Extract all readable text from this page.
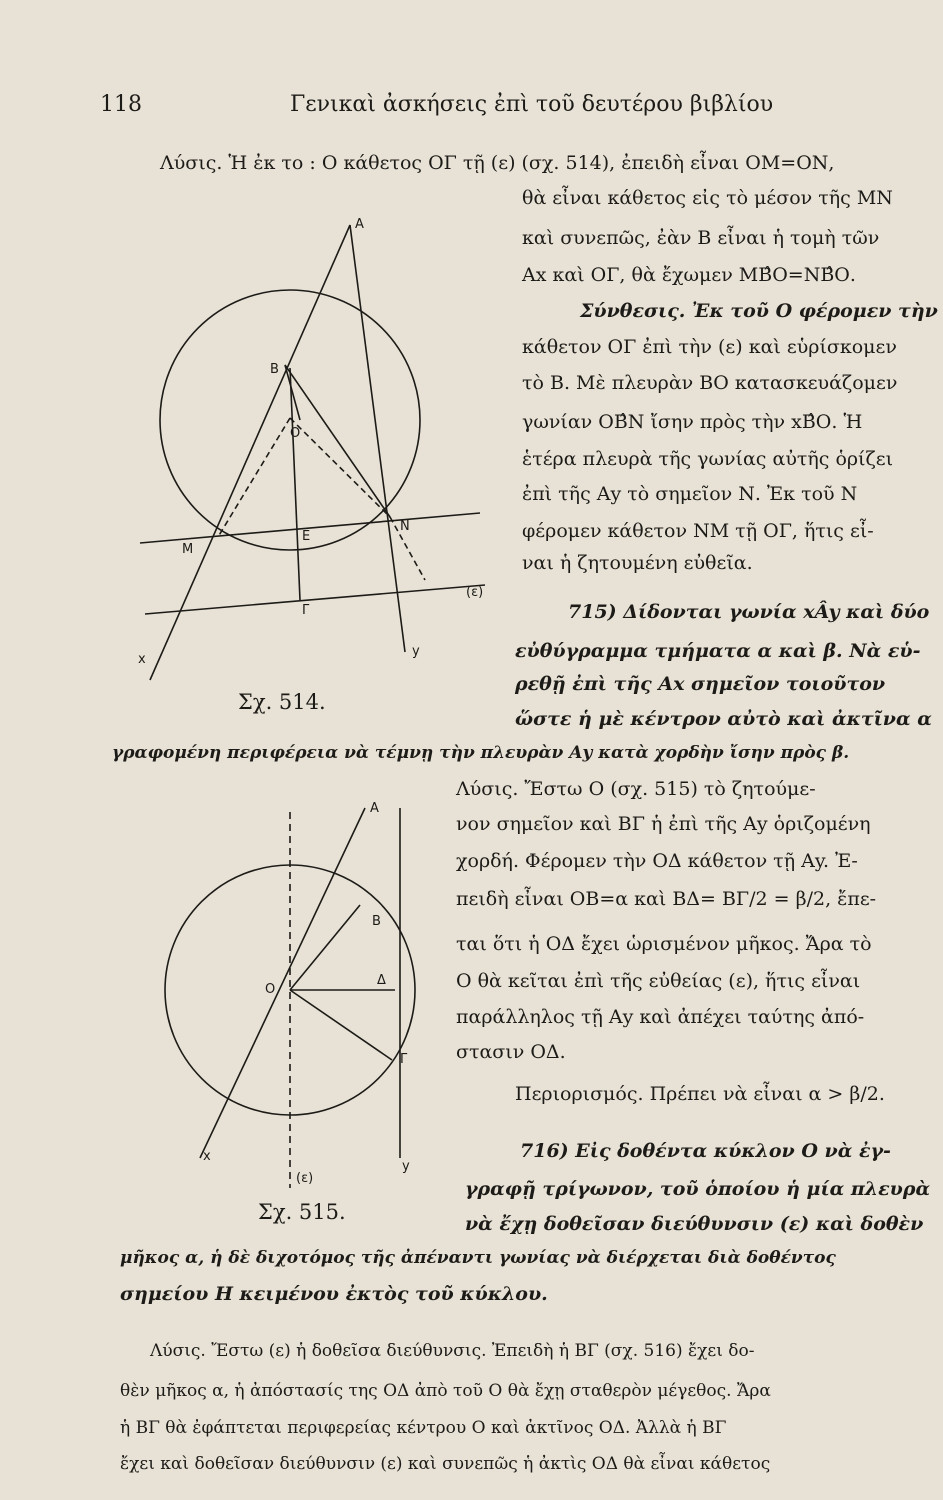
118	Γενικαὶ ἀσκήσεις ἐπὶ τοῦ δευτέρου βιβλίου
Α
Β
Ο
Μ
Ε
Ν
Γ
(ε)
x
y
Α
Β
Ο
Δ
Γ
(ε)
x
y
Σχ. 514.
Σχ. 515.
Λύσις. Ἡ ἐκ το : Ο κάθετος ΟΓ τῇ (ε) (σχ. 514), ἐπειδὴ εἶναι ΟΜ=ΟΝ,
θὰ εἶναι κάθετος εἰς τὸ μέσον τῆς ΜΝ
καὶ συνεπῶς, ἐὰν Β εἶναι ἡ τομὴ τῶν
Αx καὶ ΟΓ, θὰ ἔχωμεν ΜΒ̂Ο=ΝΒ̂Ο.
Σύνθεσις. Ἐκ τοῦ Ο φέρομεν τὴν
κάθετον ΟΓ ἐπὶ τὴν (ε) καὶ εὑρίσκομεν
τὸ Β. Μὲ πλευρὰν ΒΟ κατασκευάζομεν
γωνίαν ΟΒ̂Ν ἴσην πρὸς τὴν xΒ̂Ο. Ἡ
ἑτέρα πλευρὰ τῆς γωνίας αὐτῆς ὁρίζει
ἐπὶ τῆς Αy τὸ σημεῖον Ν. Ἐκ τοῦ Ν
φέρομεν κάθετον ΝΜ τῇ ΟΓ, ἥτις εἶ-
ναι ἡ ζητουμένη εὐθεῖα.
715) Δίδονται γωνία xÂy καὶ δύο
εὐθύγραμμα τμήματα α καὶ β. Νὰ εὑ-
ρεθῇ ἐπὶ τῆς Αx σημεῖον τοιοῦτον
ὥστε ἡ μὲ κέντρον αὐτὸ καὶ ἀκτῖνα α
γραφομένη περιφέρεια νὰ τέμνῃ τὴν πλευρὰν Αy κατὰ χορδὴν ἴσην πρὸς β.
Λύσις. Ἔστω Ο (σχ. 515) τὸ ζητούμε-
νον σημεῖον καὶ ΒΓ ἡ ἐπὶ τῆς Αy ὁριζομένη
χορδή. Φέρομεν τὴν ΟΔ κάθετον τῇ Αy. Ἐ-
πειδὴ εἶναι ΟΒ=α καὶ ΒΔ= ΒΓ/2 = β/2, ἔπε-
ται ὅτι ἡ ΟΔ ἔχει ὡρισμένον μῆκος. Ἄρα τὸ
Ο θὰ κεῖται ἐπὶ τῆς εὐθείας (ε), ἥτις εἶναι
παράλληλος τῇ Αy καὶ ἀπέχει ταύτης ἀπό-
στασιν ΟΔ.
Περιορισμός. Πρέπει νὰ εἶναι α > β/2.
716) Εἰς δοθέντα κύκλον Ο νὰ ἐγ-
γραφῇ τρίγωνον, τοῦ ὁποίου ἡ μία πλευρὰ
νὰ ἔχῃ δοθεῖσαν διεύθυνσιν (ε) καὶ δοθὲν
μῆκος α, ἡ δὲ διχοτόμος τῆς ἀπέναντι γωνίας νὰ διέρχεται διὰ δοθέντος
σημείου Η κειμένου ἐκτὸς τοῦ κύκλου.
Λύσις. Ἔστω (ε) ἡ δοθεῖσα διεύθυνσις. Ἐπειδὴ ἡ ΒΓ (σχ. 516) ἔχει δο-
θὲν μῆκος α, ἡ ἀπόστασίς της ΟΔ ἀπὸ τοῦ Ο θὰ ἔχῃ σταθερὸν μέγεθος. Ἄρα
ἡ ΒΓ θὰ ἐφάπτεται περιφερείας κέντρου Ο καὶ ἀκτῖνος ΟΔ. Ἀλλὰ ἡ ΒΓ
ἔχει καὶ δοθεῖσαν διεύθυνσιν (ε) καὶ συνεπῶς ἡ ἀκτὶς ΟΔ θὰ εἶναι κάθετος
